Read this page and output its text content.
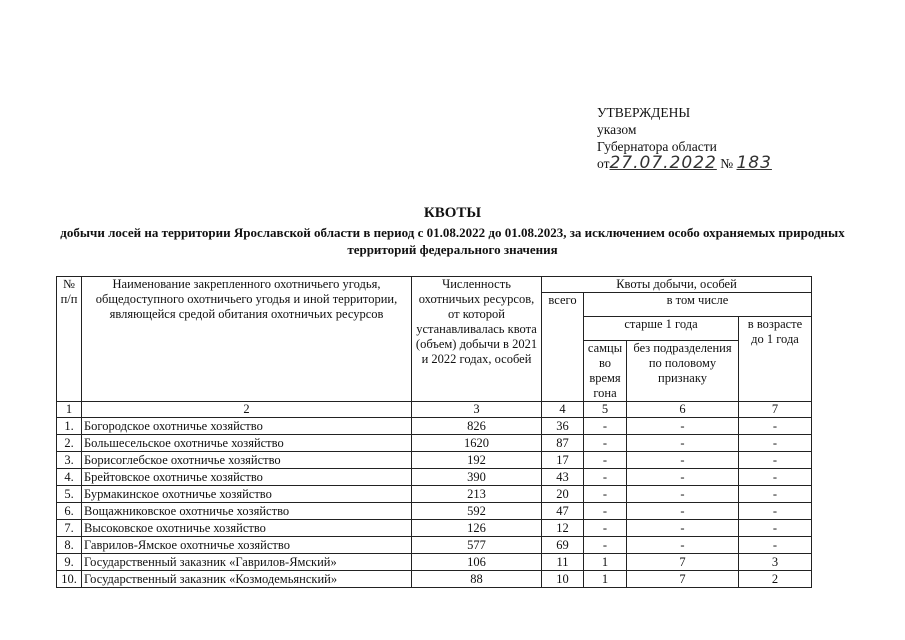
УТВЕРЖДЕНЫ
указом
Губернатора области
от27.07.2022 № 183
КВОТЫ
добычи лосей на территории Ярославской области в период с 01.08.2022 до 01.08.2023, за исключением особо охраняемых природных территорий федерального значения
№ п/п	Наименование закрепленного охотничьего угодья, общедоступного охотничьего угодья и иной территории, являющейся средой обитания охотничьих ресурсов	Численность охотничьих ресурсов, от которой устанавливалась квота (объем) добычи в 2021 и 2022 годах, особей	Квоты добычи, особей			
			всего	в том числе		
				старше 1 года		в возрасте до 1 года
				самцы во время гона	без подразделения по половому признаку	
1	2	3	4	5	6	7
1.	Богородское охотничье хозяйство	826	36	-	-	-
2.	Большесельское охотничье хозяйство	1620	87	-	-	-
3.	Борисоглебское охотничье хозяйство	192	17	-	-	-
4.	Брейтовское охотничье хозяйство	390	43	-	-	-
5.	Бурмакинское охотничье хозяйство	213	20	-	-	-
6.	Вощажниковское охотничье хозяйство	592	47	-	-	-
7.	Высоковское охотничье хозяйство	126	12	-	-	-
8.	Гаврилов-Ямское охотничье хозяйство	577	69	-	-	-
9.	Государственный заказник «Гаврилов-Ямский»	106	11	1	7	3
10.	Государственный заказник «Козмодемьянский»	88	10	1	7	2
